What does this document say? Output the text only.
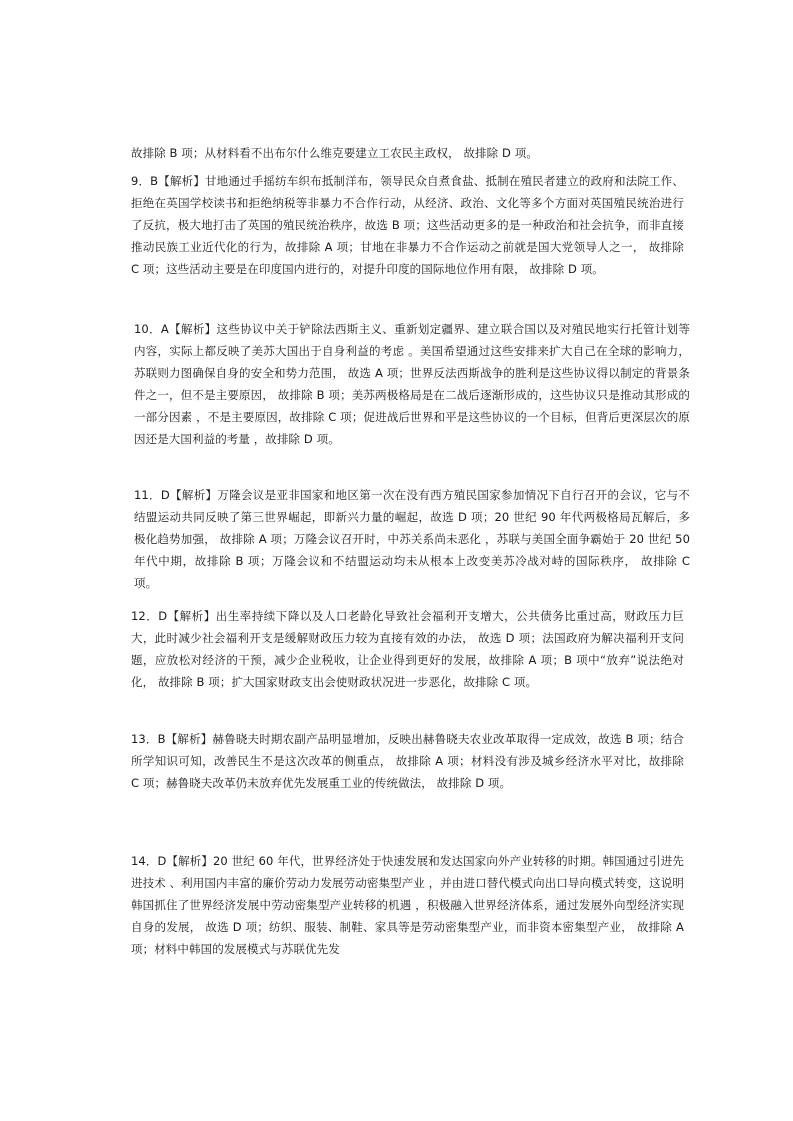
故排除 B 项；从材料看不出布尔什么维克要建立工农民主政权， 故排除 D 项。

9．B【解析】甘地通过手摇纺车织布抵制洋布，领导民众自煮食盐、抵制在殖民者建立的政府和法院工作、拒绝在英国学校读书和拒绝纳税等非暴力不合作行动，从经济、政治、文化等多个方面对英国殖民统治进行了反抗，极大地打击了英国的殖民统治秩序，故选 B 项；这些活动更多的是一种政治和社会抗争，而非直接推动民族工业近代化的行为，故排除 A 项；甘地在非暴力不合作运动之前就是国大党领导人之一， 故排除 C 项；这些活动主要是在印度国内进行的，对提升印度的国际地位作用有限， 故排除 D 项。

10．A【解析】这些协议中关于铲除法西斯主义、重新划定疆界、建立联合国以及对殖民地实行托管计划等内容，实际上都反映了美苏大国出于自身利益的考虑 。美国希望通过这些安排来扩大自己在全球的影响力，苏联则力图确保自身的安全和势力范围， 故选 A 项；世界反法西斯战争的胜利是这些协议得以制定的背景条件之一，但不是主要原因， 故排除 B 项；美苏两极格局是在二战后逐渐形成的，这些协议只是推动其形成的一部分因素 ，不是主要原因，故排除 C 项；促进战后世界和平是这些协议的一个目标，但背后更深层次的原因还是大国利益的考量 ，故排除 D 项。

11．D【解析】万隆会议是亚非国家和地区第一次在没有西方殖民国家参加情况下自行召开的会议，它与不结盟运动共同反映了第三世界崛起，即新兴力量的崛起，故选 D 项；20 世纪 90 年代两极格局瓦解后，多极化趋势加强， 故排除 A 项；万隆会议召开时，中苏关系尚未恶化 ，苏联与美国全面争霸始于 20 世纪 50 年代中期，故排除 B 项；万隆会议和不结盟运动均未从根本上改变美苏冷战对峙的国际秩序， 故排除 C 项。

12．D【解析】出生率持续下降以及人口老龄化导致社会福利开支增大，公共债务比重过高，财政压力巨大，此时减少社会福利开支是缓解财政压力较为直接有效的办法， 故选 D 项；法国政府为解决福利开支问题，应放松对经济的干预，减少企业税收，让企业得到更好的发展，故排除 A 项；B 项中“放弃”说法绝对化， 故排除 B 项；扩大国家财政支出会使财政状况进一步恶化，故排除 C 项。

13．B【解析】赫鲁晓夫时期农副产品明显增加，反映出赫鲁晓夫农业改革取得一定成效，故选 B 项；结合所学知识可知，改善民生不是这次改革的侧重点， 故排除 A 项；材料没有涉及城乡经济水平对比，故排除 C 项；赫鲁晓夫改革仍未放弃优先发展重工业的传统做法， 故排除 D 项。

14．D【解析】20 世纪 60 年代，世界经济处于快速发展和发达国家向外产业转移的时期。韩国通过引进先进技术 、利用国内丰富的廉价劳动力发展劳动密集型产业 ，并由进口替代模式向出口导向模式转变，这说明韩国抓住了世界经济发展中劳动密集型产业转移的机遇 ，积极融入世界经济体系，通过发展外向型经济实现自身的发展， 故选 D 项；纺织、服装、制鞋、家具等是劳动密集型产业，而非资本密集型产业， 故排除 A 项；材料中韩国的发展模式与苏联优先发
